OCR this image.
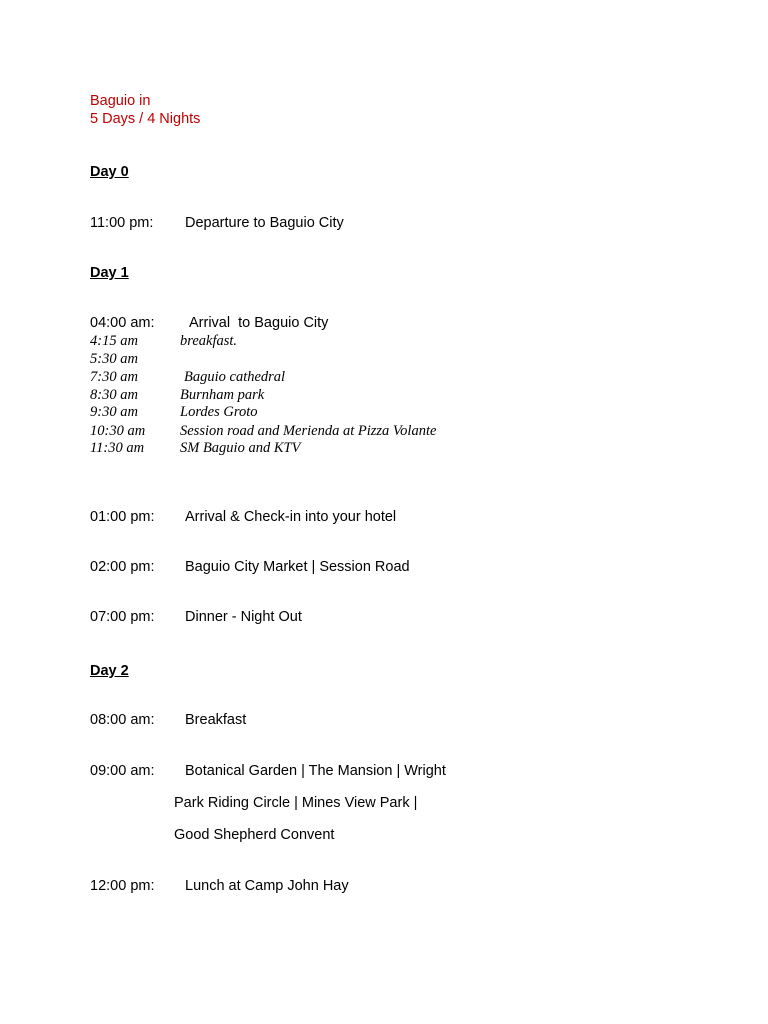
Baguio in
5 Days / 4 Nights
Day 0
11:00 pm: Departure to Baguio City
Day 1
04:00 am: Arrival  to Baguio City
4:15 am	breakfast.
5:30 am
7:30 am	Baguio cathedral
8:30 am	Burnham park
9:30 am	Lordes Groto
10:30 am Session road and Merienda at Pizza Volante
11:30 am SM Baguio and KTV
01:00 pm: Arrival & Check-in into your hotel
02:00 pm: Baguio City Market | Session Road
07:00 pm: Dinner - Night Out
Day 2
08:00 am: Breakfast
09:00 am: Botanical Garden | The Mansion | Wright
Park Riding Circle | Mines View Park |
Good Shepherd Convent
12:00 pm: Lunch at Camp John Hay
